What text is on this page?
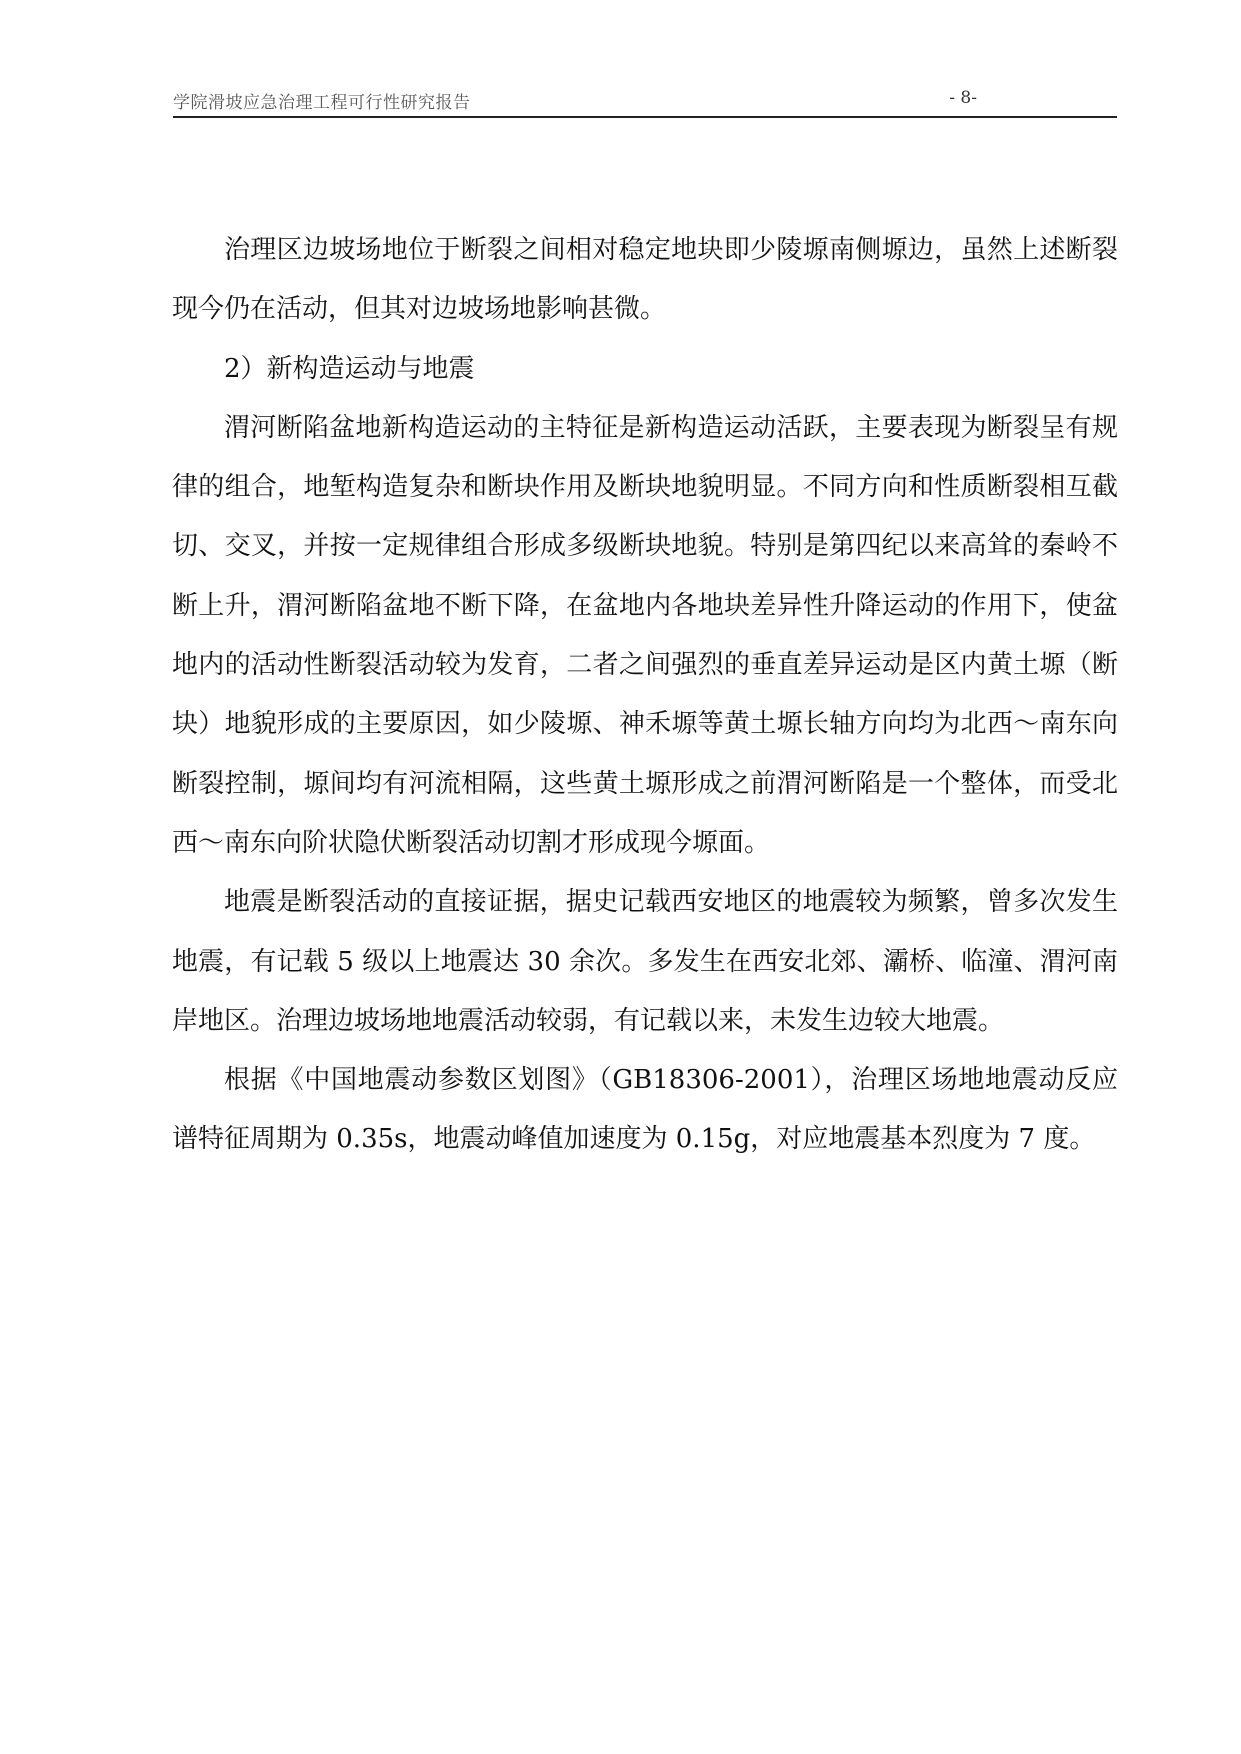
学院滑坡应急治理工程可行性研究报告	- 8-

治理区边坡场地位于断裂之间相对稳定地块即少陵塬南侧塬边，虽然上述断裂现今仍在活动，但其对边坡场地影响甚微。

2）新构造运动与地震

渭河断陷盆地新构造运动的主特征是新构造运动活跃，主要表现为断裂呈有规律的组合，地堑构造复杂和断块作用及断块地貌明显。不同方向和性质断裂相互截切、交叉，并按一定规律组合形成多级断块地貌。特别是第四纪以来高耸的秦岭不断上升，渭河断陷盆地不断下降，在盆地内各地块差异性升降运动的作用下，使盆地内的活动性断裂活动较为发育，二者之间强烈的垂直差异运动是区内黄土塬（断块）地貌形成的主要原因，如少陵塬、神禾塬等黄土塬长轴方向均为北西～南东向断裂控制，塬间均有河流相隔，这些黄土塬形成之前渭河断陷是一个整体，而受北西～南东向阶状隐伏断裂活动切割才形成现今塬面。

地震是断裂活动的直接证据，据史记载西安地区的地震较为频繁，曾多次发生地震，有记载 5 级以上地震达 30 余次。多发生在西安北郊、灞桥、临潼、渭河南岸地区。治理边坡场地地震活动较弱，有记载以来，未发生边较大地震。

根据《中国地震动参数区划图》（GB18306-2001），治理区场地地震动反应谱特征周期为 0.35s，地震动峰值加速度为 0.15g，对应地震基本烈度为 7 度。
